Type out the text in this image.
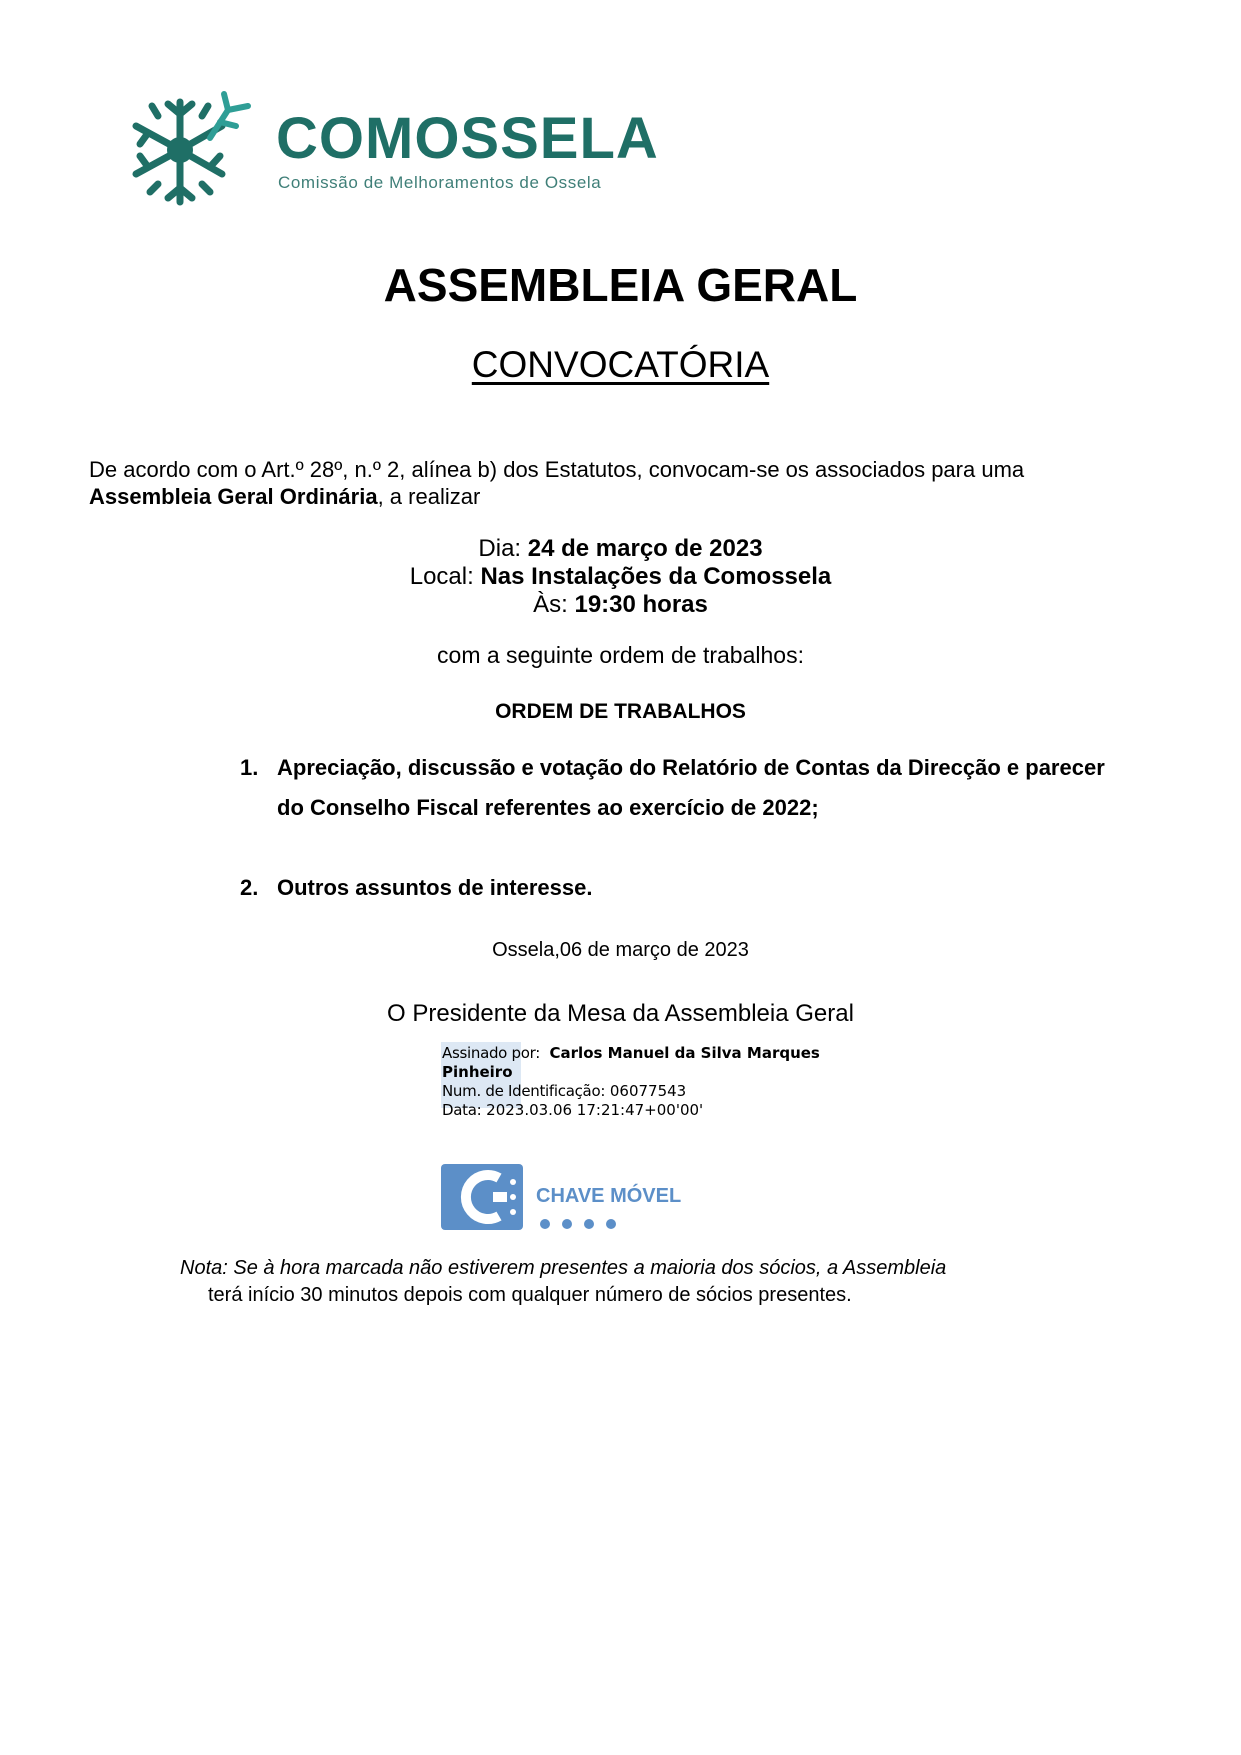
COMOSSELA
Comissão de Melhoramentos de Ossela
ASSEMBLEIA GERAL
CONVOCATÓRIA
De acordo com o Art.º 28º, n.º 2, alínea b) dos Estatutos, convocam-se os associados para uma
Assembleia Geral Ordinária, a realizar
Dia: 24 de março de 2023
Local: Nas Instalações da Comossela
Às: 19:30 horas
com a seguinte ordem de trabalhos:
ORDEM DE TRABALHOS
1. Apreciação, discussão e votação do Relatório de Contas da Direcção e parecer
do Conselho Fiscal referentes ao exercício de 2022;
2. Outros assuntos de interesse.
Ossela,06 de março de 2023
O Presidente da Mesa da Assembleia Geral
Assinado por: Carlos Manuel da Silva Marques
Pinheiro
Num. de Identificação: 06077543
Data: 2023.03.06 17:21:47+00'00'
CHAVE MÓVEL
Nota: Se à hora marcada não estiverem presentes a maioria dos sócios, a Assembleia
terá início 30 minutos depois com qualquer número de sócios presentes.
